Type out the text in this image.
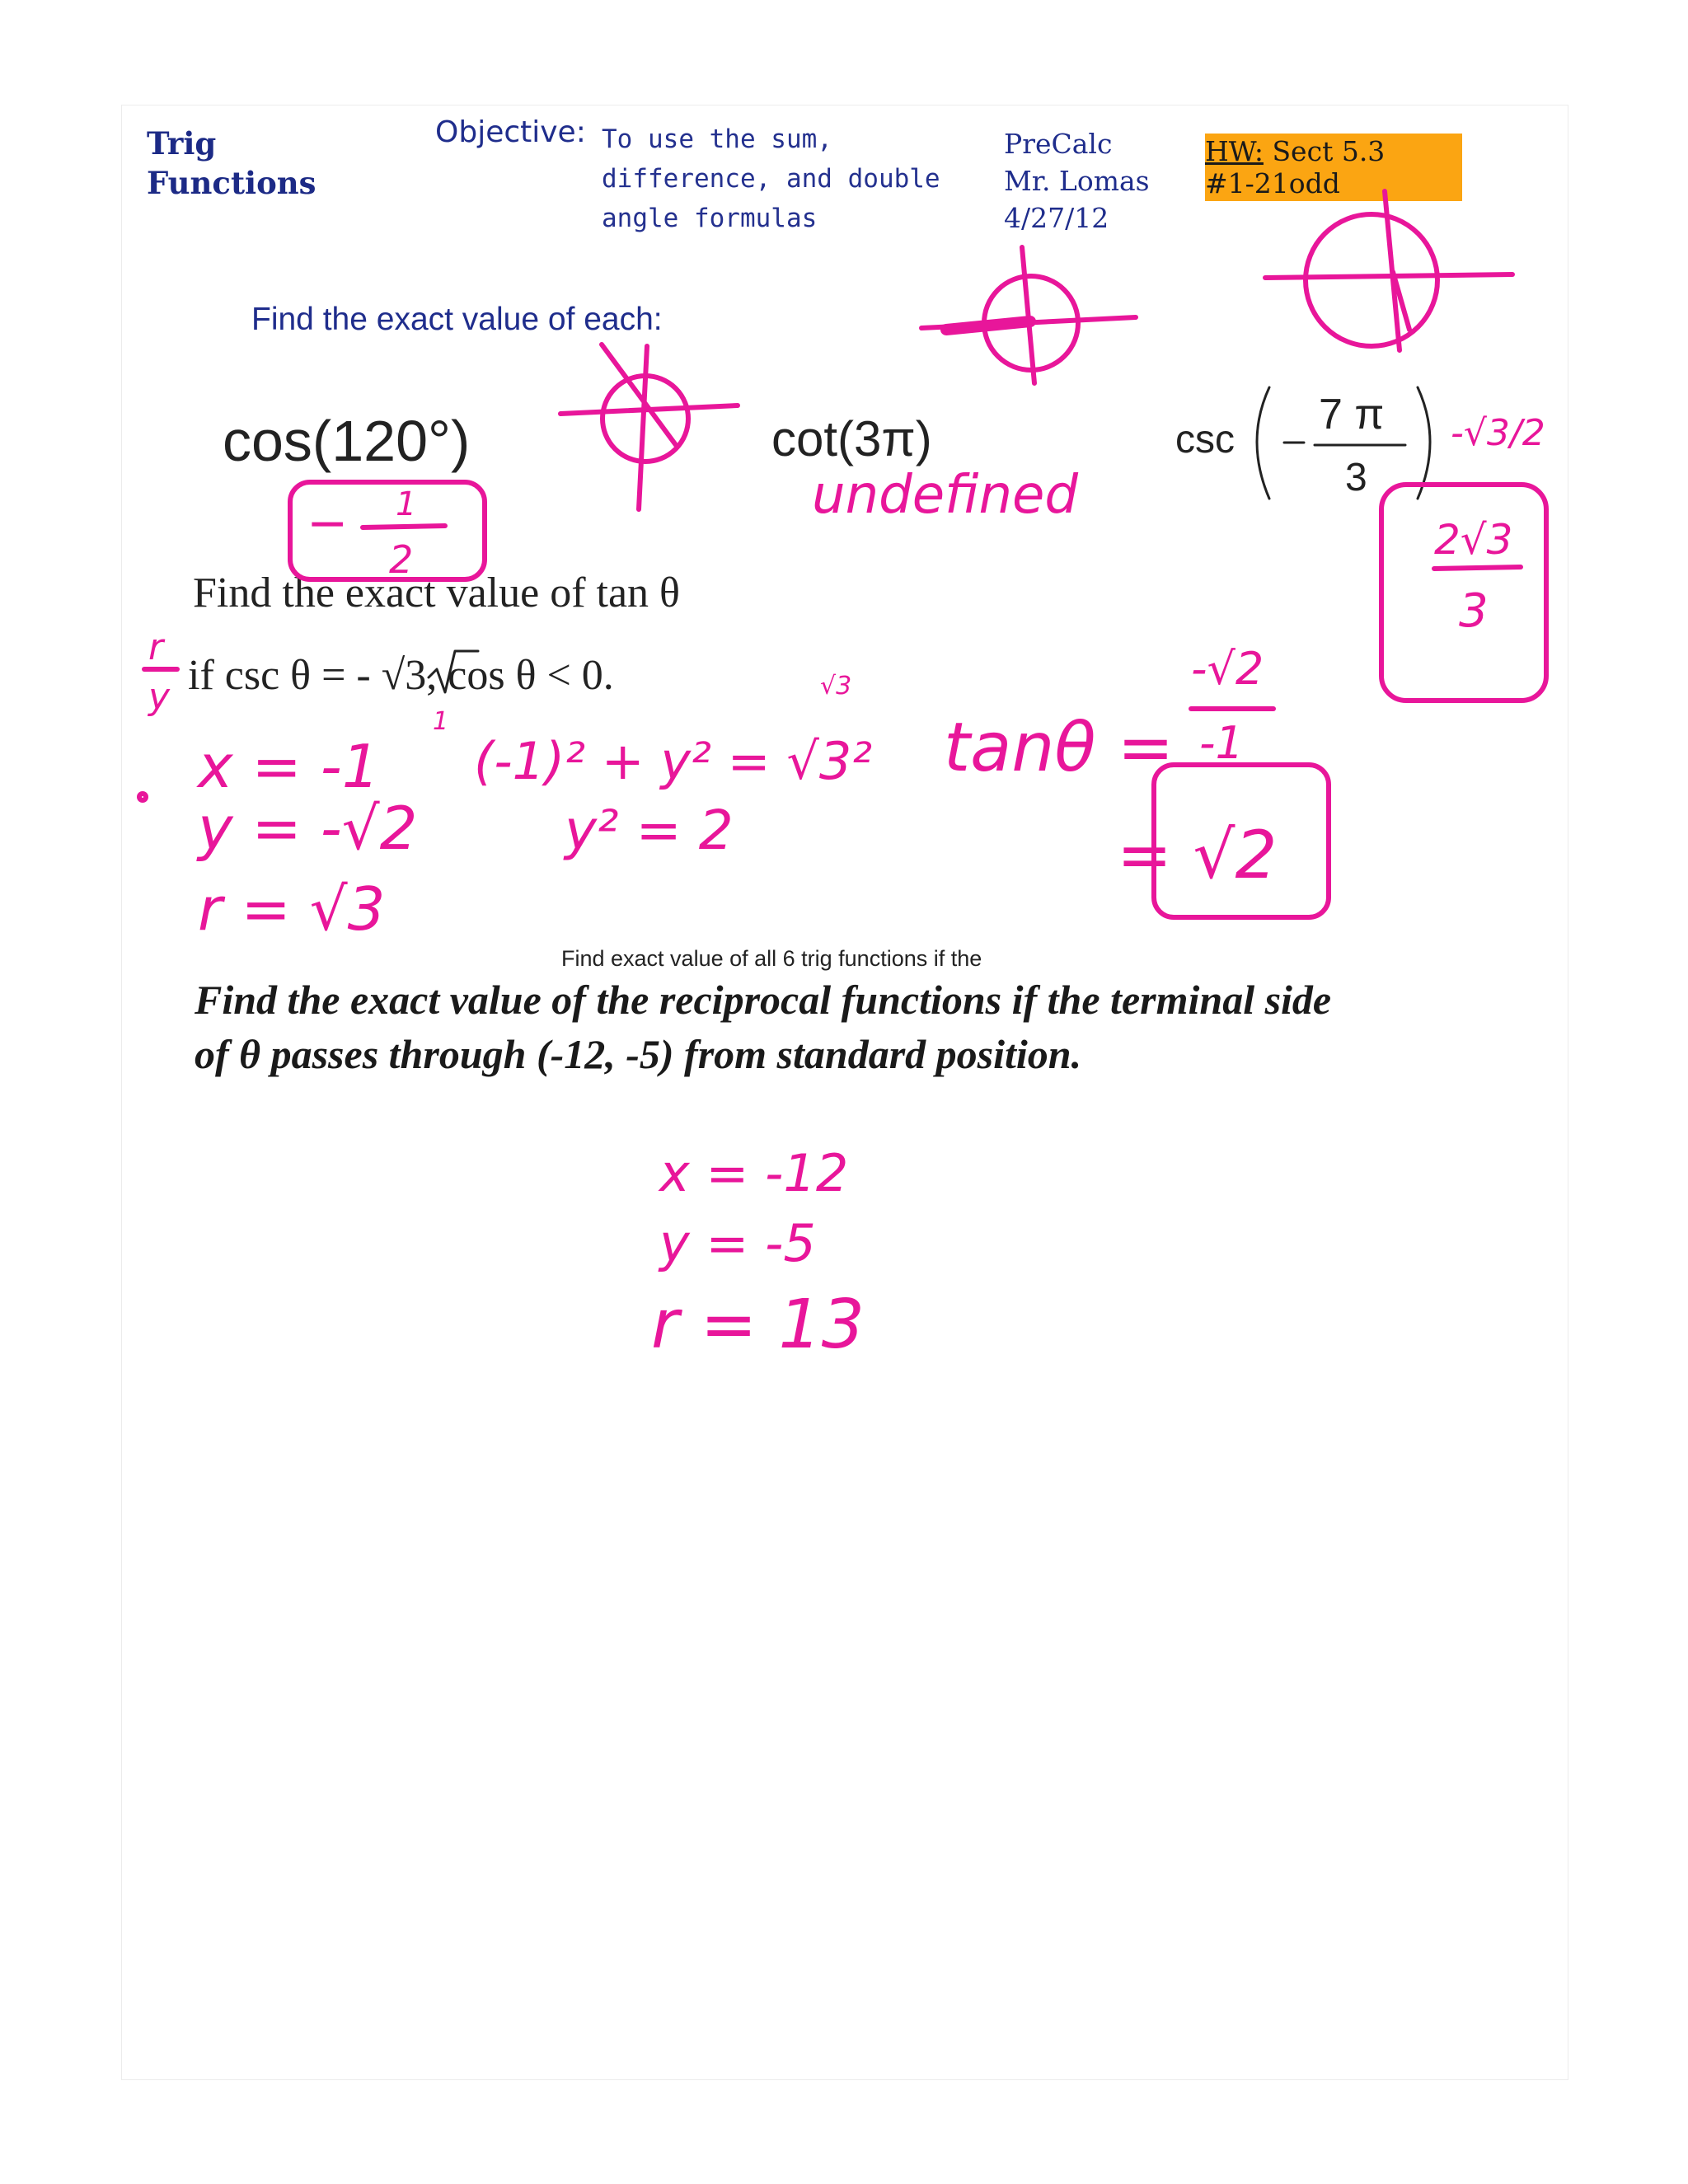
Trig Functions
Objective: To use the sum, difference, and double angle formulas
PreCalc
Mr. Lomas
4/27/12
HW: Sect 5.3
#1-21odd
Find the exact value of each:
cos(120°)	cot(3π)	csc
Find the exact value of tan θ
if csc θ = - √3, cos θ < 0.
Find exact value of all 6 trig functions if the
Find the exact value of the reciprocal functions if the terminal side of θ passes through (-12, -5) from standard position.
7 π
3
− 1
2
undefined
-√3/2
2√3
3
r
y	√3
1
x = -1
y = -√2
r = √3
(-1)² + y² = √3²
y² = 2
tanθ =
-√2
-1
= √2
x = -12
y = -5
r = 13
